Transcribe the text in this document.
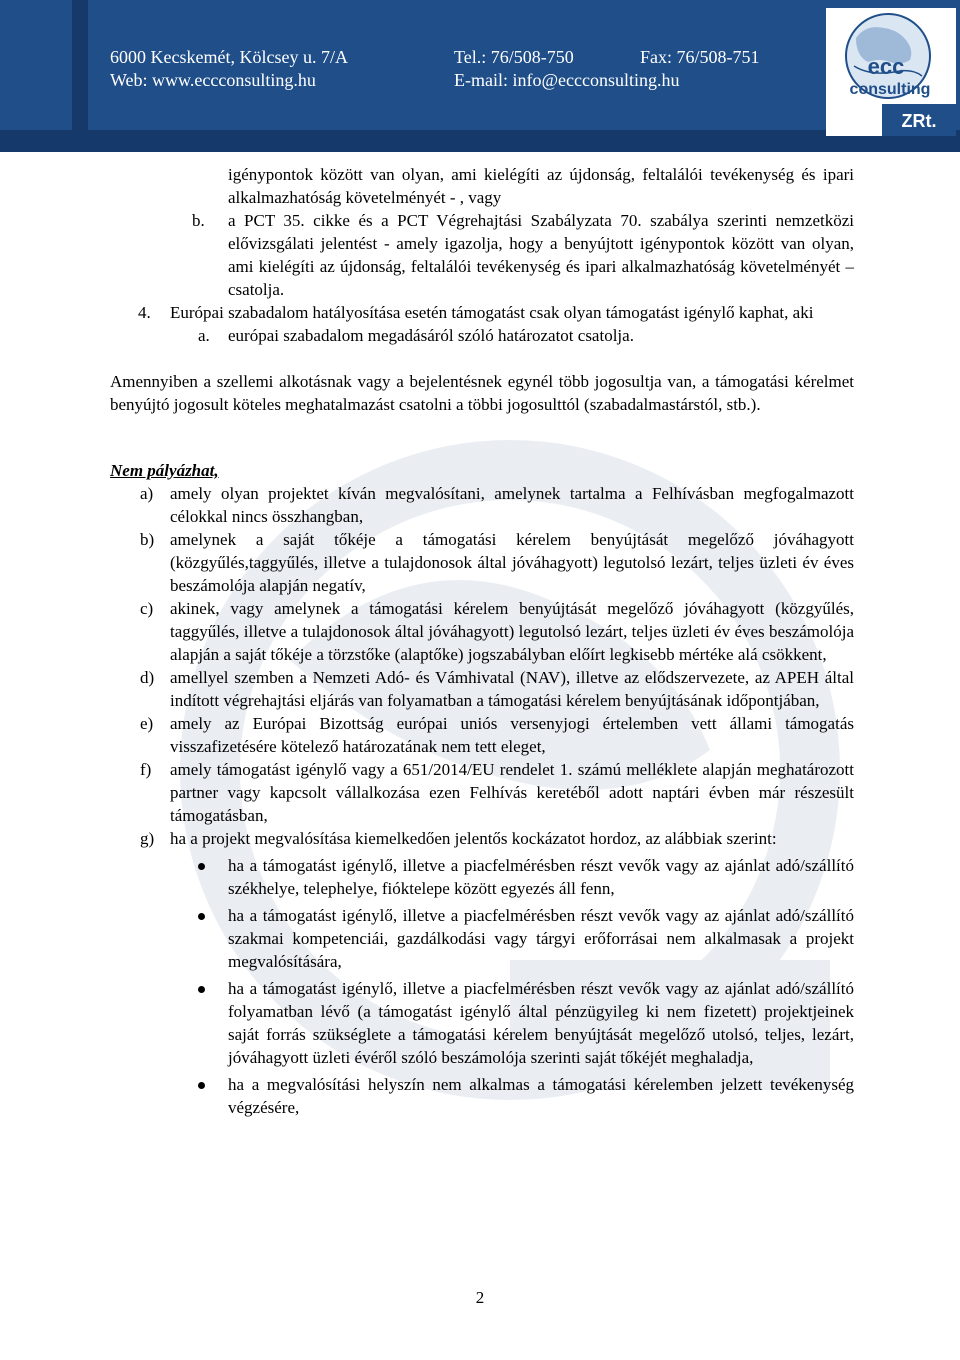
6000 Kecskemét, Kölcsey u. 7/A	Tel.: 76/508-750	Fax: 76/508-751
Web: www.eccconsulting.hu	E-mail: info@eccconsulting.hu
ecc
consulting
ZRt.

igénypontok között van olyan, ami kielégíti az újdonság, feltalálói tevékenység és ipari alkalmazhatóság követelményét - , vagy

b. a PCT 35. cikke és a PCT Végrehajtási Szabályzata 70. szabálya szerinti nemzetközi elővizsgálati jelentést - amely igazolja, hogy a benyújtott igénypontok között van olyan, ami kielégíti az újdonság, feltalálói tevékenység és ipari alkalmazhatóság követelményét – csatolja.

4. Európai szabadalom hatályosítása esetén támogatást csak olyan támogatást igénylő kaphat, aki

a. európai szabadalom megadásáról szóló határozatot csatolja.

Amennyiben a szellemi alkotásnak vagy a bejelentésnek egynél több jogosultja van, a támogatási kérelmet benyújtó jogosult köteles meghatalmazást csatolni a többi jogosulttól (szabadalmastárstól, stb.).

Nem pályázhat,

a) amely olyan projektet kíván megvalósítani, amelynek tartalma a Felhívásban megfogalmazott célokkal nincs összhangban,

b) amelynek a saját tőkéje a támogatási kérelem benyújtását megelőző jóváhagyott (közgyűlés,taggyűlés, illetve a tulajdonosok által jóváhagyott) legutolsó lezárt, teljes üzleti év éves beszámolója alapján negatív,

c) akinek, vagy amelynek a támogatási kérelem benyújtását megelőző jóváhagyott (közgyűlés, taggyűlés, illetve a tulajdonosok által jóváhagyott) legutolsó lezárt, teljes üzleti év éves beszámolója alapján a saját tőkéje a törzstőke (alaptőke) jogszabályban előírt legkisebb mértéke alá csökkent,

d) amellyel szemben a Nemzeti Adó- és Vámhivatal (NAV), illetve az elődszervezete, az APEH által indított végrehajtási eljárás van folyamatban a támogatási kérelem benyújtásának időpontjában,

e) amely az Európai Bizottság európai uniós versenyjogi értelemben vett állami támogatás visszafizetésére kötelező határozatának nem tett eleget,

f) amely támogatást igénylő vagy a 651/2014/EU rendelet 1. számú melléklete alapján meghatározott partner vagy kapcsolt vállalkozása ezen Felhívás keretéből adott naptári évben már részesült támogatásban,

g) ha a projekt megvalósítása kiemelkedően jelentős kockázatot hordoz, az alábbiak szerint:

ha a támogatást igénylő, illetve a piacfelmérésben részt vevők vagy az ajánlat adó/szállító székhelye, telephelye, fióktelepe között egyezés áll fenn,

ha a támogatást igénylő, illetve a piacfelmérésben részt vevők vagy az ajánlat adó/szállító szakmai kompetenciái, gazdálkodási vagy tárgyi erőforrásai nem alkalmasak a projekt megvalósítására,

ha a támogatást igénylő, illetve a piacfelmérésben részt vevők vagy az ajánlat adó/szállító folyamatban lévő (a támogatást igénylő által pénzügyileg ki nem fizetett) projektjeinek saját forrás szükséglete a támogatási kérelem benyújtását megelőző utolsó, teljes, lezárt, jóváhagyott üzleti évéről szóló beszámolója szerinti saját tőkéjét meghaladja,

ha a megvalósítási helyszín nem alkalmas a támogatási kérelemben jelzett tevékenység végzésére,

2
